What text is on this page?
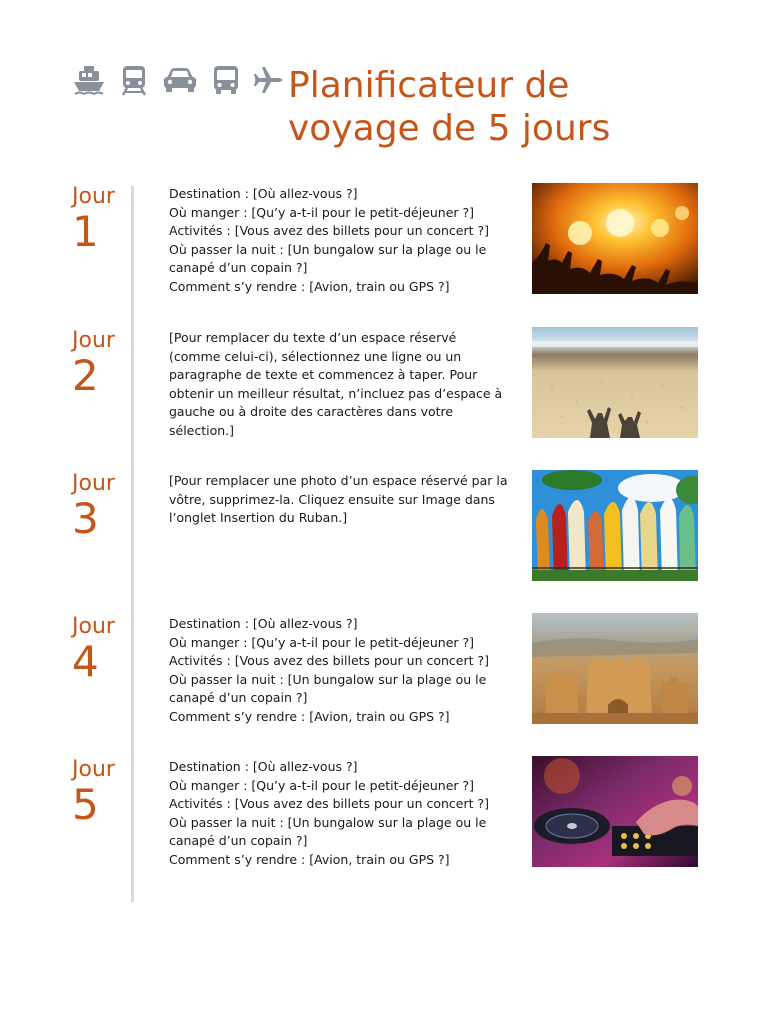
Planificateur de
voyage de 5 jours
Jour
1

Destination : [Où allez-vous ?]

Où manger : [Qu’y a-t-il pour le petit-déjeuner ?]

Activités : [Vous avez des billets pour un concert ?]

Où passer la nuit : [Un bungalow sur la plage ou le canapé d’un copain ?]

Comment s’y rendre : [Avion, train ou GPS ?]

Jour
2
[Pour remplacer du texte d’un espace réservé (comme celui-ci), sélectionnez une ligne ou un paragraphe de texte et commencez à taper. Pour obtenir un meilleur résultat, n’incluez pas d’espace à gauche ou à droite des caractères dans votre sélection.]
Jour
3
[Pour remplacer une photo d’un espace réservé par la vôtre, supprimez-la. Cliquez ensuite sur Image dans l’onglet Insertion du Ruban.]
Jour
4

Destination : [Où allez-vous ?]

Où manger : [Qu’y a-t-il pour le petit-déjeuner ?]

Activités : [Vous avez des billets pour un concert ?]

Où passer la nuit : [Un bungalow sur la plage ou le canapé d’un copain ?]

Comment s’y rendre : [Avion, train ou GPS ?]

Jour
5

Destination : [Où allez-vous ?]

Où manger : [Qu’y a-t-il pour le petit-déjeuner ?]

Activités : [Vous avez des billets pour un concert ?]

Où passer la nuit : [Un bungalow sur la plage ou le canapé d’un copain ?]

Comment s’y rendre : [Avion, train ou GPS ?]
